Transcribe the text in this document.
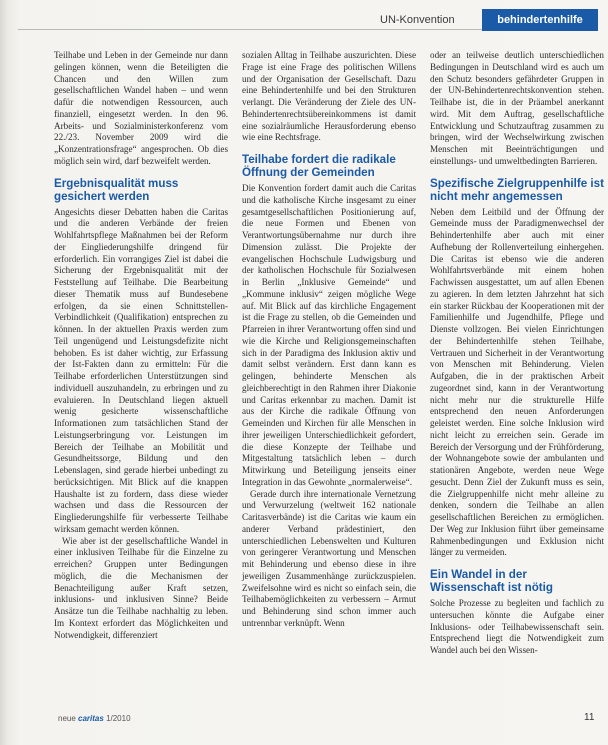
UN-Konvention	behindertenhilfe

Teilhabe und Leben in der Gemeinde nur dann gelingen können, wenn die Beteiligten die Chancen und den Willen zum gesellschaftlichen Wandel haben – und wenn dafür die notwendigen Ressourcen, auch finanziell, eingesetzt werden. In den 96. Arbeits- und Sozialministerkonferenz vom 22./23. November 2009 wird die „Konzentrationsfrage“ angesprochen. Ob dies möglich sein wird, darf bezweifelt werden.

Ergebnisqualität muss gesichert werden

Angesichts dieser Debatten haben die Caritas und die anderen Verbände der freien Wohlfahrtspflege Maßnahmen bei der Reform der Eingliederungshilfe dringend für erforderlich. Ein vorrangiges Ziel ist dabei die Sicherung der Ergebnisqualität mit der Feststellung auf Teilhabe. Die Bearbeitung dieser Thematik muss auf Bundesebene erfolgen, da sie einen Schnittstellen-Verbindlichkeit (Qualifikation) entsprechen zu können. In der aktuellen Praxis werden zum Teil ungenügend und Leistungsdefizite nicht behoben. Es ist daher wichtig, zur Erfassung der Ist-Fakten dann zu ermitteln: Für die Teilhabe erforderlichen Unterstützungen sind individuell auszuhandeln, zu erbringen und zu evaluieren. In Deutschland liegen aktuell wenig gesicherte wissenschaftliche Informationen zum tatsächlichen Stand der Leistungserbringung vor. Leistungen im Bereich der Teilhabe an Mobilität und Gesundheitssorge, Bildung und den Lebenslagen, sind gerade hierbei unbedingt zu berücksichtigen. Mit Blick auf die knappen Haushalte ist zu fordern, dass diese wieder wachsen und dass die Ressourcen der Eingliederungshilfe für verbesserte Teilhabe wirksam gemacht werden können.

Wie aber ist der gesellschaftliche Wandel in einer inklusiven Teilhabe für die Einzelne zu erreichen? Gruppen unter Bedingungen möglich, die die Mechanismen der Benachteiligung außer Kraft setzen, inklusions- und inklusiven Sinne? Beide Ansätze tun die Teilhabe nachhaltig zu leben. Im Kontext erfordert das Möglichkeiten und Notwendigkeit, differenziert

sozialen Alltag in Teilhabe auszurichten. Diese Frage ist eine Frage des politischen Willens und der Organisation der Gesellschaft. Dazu eine Behindertenhilfe und bei den Strukturen verlangt. Die Veränderung der Ziele des UN-Behindertenrechtsübereinkommens ist damit eine sozialräumliche Herausforderung ebenso wie eine Rechtsfrage.

Teilhabe fordert die radikale Öffnung der Gemeinden

Die Konvention fordert damit auch die Caritas und die katholische Kirche insgesamt zu einer gesamtgesellschaftlichen Positionierung auf, die neue Formen und Ebenen von Verantwortungsübernahme nur durch ihre Dimension zulässt. Die Projekte der evangelischen Hochschule Ludwigsburg und der katholischen Hochschule für Sozialwesen in Berlin „Inklusive Gemeinde“ und „Kommune inklusiv“ zeigen mögliche Wege auf. Mit Blick auf das kirchliche Engagement ist die Frage zu stellen, ob die Gemeinden und Pfarreien in ihrer Verantwortung offen sind und wie die Kirche und Religionsgemeinschaften sich in der Paradigma des Inklusion aktiv und damit selbst verändern. Erst dann kann es gelingen, behinderte Menschen als gleichberechtigt in den Rahmen ihrer Diakonie und Caritas erkennbar zu machen. Damit ist aus der Kirche die radikale Öffnung von Gemeinden und Kirchen für alle Menschen in ihrer jeweiligen Unterschiedlichkeit gefordert, die diese Konzepte der Teilhabe und Mitgestaltung tatsächlich leben – durch Mitwirkung und Beteiligung jenseits einer Integration in das Gewohnte „normalerweise“.

Gerade durch ihre internationale Vernetzung und Verwurzelung (weltweit 162 nationale Caritasverbände) ist die Caritas wie kaum ein anderer Verband prädestiniert, den unterschiedlichen Lebenswelten und Kulturen von geringerer Verantwortung und Menschen mit Behinderung und ebenso diese in ihre jeweiligen Zusammenhänge zurückzuspielen. Zweifelsohne wird es nicht so einfach sein, die Teilhabemöglichkeiten zu verbessern – Armut und Behinderung sind schon immer auch untrennbar verknüpft. Wenn

oder an teilweise deutlich unterschiedlichen Bedingungen in Deutschland wird es auch um den Schutz besonders gefährdeter Gruppen in der UN-Behindertenrechtskonvention stehen. Teilhabe ist, die in der Präambel anerkannt wird. Mit dem Auftrag, gesellschaftliche Entwicklung und Schutzauftrag zusammen zu bringen, wird der Wechselwirkung zwischen Menschen mit Beeinträchtigungen und einstellungs- und umweltbedingten Barrieren.

Spezifische Zielgruppenhilfe ist nicht mehr angemessen

Neben dem Leitbild und der Öffnung der Gemeinde muss der Paradigmenwechsel der Behindertenhilfe aber auch mit einer Aufhebung der Rollenverteilung einhergehen. Die Caritas ist ebenso wie die anderen Wohlfahrtsverbände mit einem hohen Fachwissen ausgestattet, um auf allen Ebenen zu agieren. In dem letzten Jahrzehnt hat sich ein starker Rückbau der Kooperationen mit der Familienhilfe und Jugendhilfe, Pflege und Dienste vollzogen. Bei vielen Einrichtungen der Behindertenhilfe stehen Teilhabe, Vertrauen und Sicherheit in der Verantwortung von Menschen mit Behinderung. Vielen Aufgaben, die in der praktischen Arbeit zugeordnet sind, kann in der Verantwortung nicht mehr nur die strukturelle Hilfe entsprechend den neuen Anforderungen geleistet werden. Eine solche Inklusion wird nicht leicht zu erreichen sein. Gerade im Bereich der Versorgung und der Frühförderung, der Wohnangebote sowie der ambulanten und stationären Angebote, werden neue Wege gesucht. Denn Ziel der Zukunft muss es sein, die Zielgruppenhilfe nicht mehr alleine zu denken, sondern die Teilhabe an allen gesellschaftlichen Bereichen zu ermöglichen. Der Weg zur Inklusion führt über gemeinsame Rahmenbedingungen und Exklusion nicht länger zu vermeiden.

Ein Wandel in der Wissenschaft ist nötig

Solche Prozesse zu begleiten und fachlich zu untersuchen könnte die Aufgabe einer Inklusions- oder Teilhabewissenschaft sein. Entsprechend liegt die Notwendigkeit zum Wandel auch bei den Wissen-

neue caritas 1/2010	11
